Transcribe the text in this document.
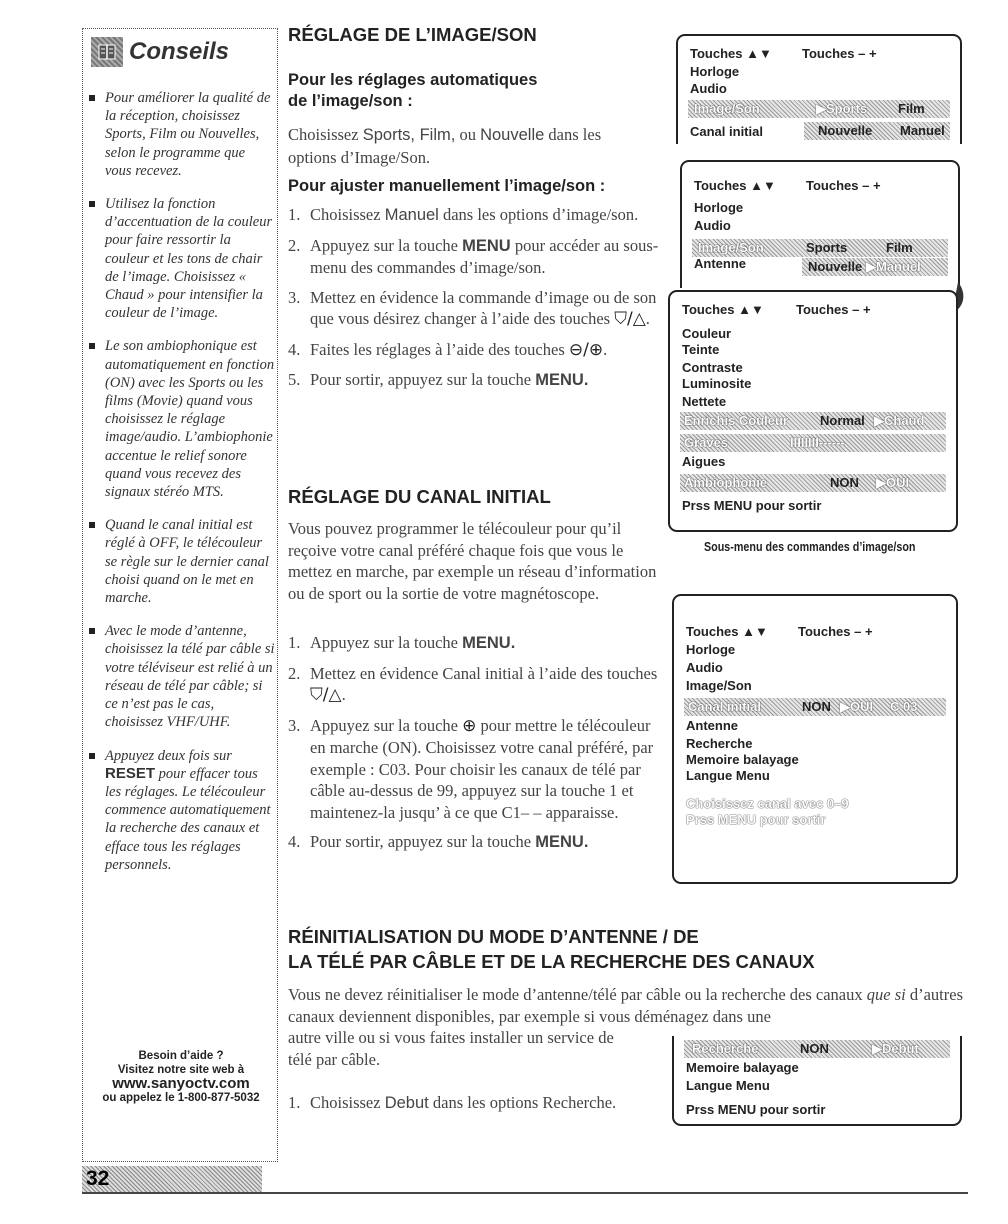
Conseils
Pour améliorer la qualité de la réception, choisissez Sports, Film ou Nouvelles, selon le programme que vous recevez.
Utilisez la fonction d’accentuation de la couleur pour faire ressortir la couleur et les tons de chair de l’image. Choisissez « Chaud » pour intensifier la couleur de l’image.
Le son ambiophonique est automatiquement en fonction (ON) avec les Sports ou les films (Movie) quand vous choisissez le réglage image/audio. L’ambiophonie accentue le relief sonore quand vous recevez des signaux stéréo MTS.
Quand le canal initial est réglé à OFF, le télécouleur se règle sur le dernier canal choisi quand on le met en marche.
Avec le mode d’antenne, choisissez la télé par câble si votre téléviseur est relié à un réseau de télé par câble; si ce n’est pas le cas, choisissez VHF/UHF.
Appuyez deux fois sur RESET pour effacer tous les réglages. Le télécouleur commence automatiquement la recherche des canaux et efface tous les réglages personnels.
Besoin d’aide ?
Visitez notre site web à
www.sanyoctv.com
ou appelez le 1-800-877-5032
32
RÉGLAGE DE L’IMAGE/SON
Pour les réglages automatiques
de l’image/son :
Choisissez Sports, Film, ou Nouvelle dans les options d’Image/Son.
Pour ajuster manuellement l’image/son :
1. Choisissez Manuel dans les options d’image/son.
2. Appuyez sur la touche MENU pour accéder au sous-menu des commandes d’image/son.
3. Mettez en évidence la commande d’image ou de son que vous désirez changer à l’aide des touches ⛉/△.
4. Faites les réglages à l’aide des touches ⊖/⊕.
5. Pour sortir, appuyez sur la touche MENU.
RÉGLAGE DU CANAL INITIAL
Vous pouvez programmer le télécouleur pour qu’il reçoive votre canal préféré chaque fois que vous le mettez en marche, par exemple un réseau d’information ou de sport ou la sortie de votre magnétoscope.
1. Appuyez sur la touche MENU.
2. Mettez en évidence Canal initial à l’aide des touches ⛉/△.
3. Appuyez sur la touche ⊕ pour mettre le télécouleur en marche (ON). Choisissez votre canal préféré, par exemple : C03. Pour choisir les canaux de télé par câble au-dessus de 99, appuyez sur la touche 1 et maintenez-la jusqu’ à ce que C1– – apparaisse.
4. Pour sortir, appuyez sur la touche MENU.
RÉINITIALISATION DU MODE D’ANTENNE / DE
LA TÉLÉ PAR CÂBLE ET DE LA RECHERCHE DES CANAUX
Vous ne devez réinitialiser le mode d’antenne/télé par câble ou la recherche des canaux que si d’autres canaux deviennent disponibles, par exemple si vous déménagez dans une
autre ville ou si vous faites installer un service de
télé par câble.
1. Choisissez Debut dans les options Recherche.
Touches ▲▼ Touches – +
Horloge
Audio
Image/Son	▶Sports Film
Canal initial	Nouvelle Manuel
Touches ▲▼ Touches – +
Horloge
Audio
Image/Son	Sports	Film
Antenne	Nouvelle ▶Manuel
Touches ▲▼ Touches – +
Couleur
Teinte
Contraste
Luminosite
Nettete
Enrichis Couleur Normal ▶Chaud
Graves	IIIIIIII------
Aigues
Ambiophonie	NON ▶OUI
Prss MENU pour sortir
Sous-menu des commandes d’image/son
Touches ▲▼ Touches – +
Horloge
Audio
Image/Son
Canal initial	NON ▶OUI C 03
Antenne
Recherche
Memoire balayage
Langue Menu
Choisissez canal avec 0–9
Prss MENU pour sortir
Recherche	NON	▶Debut
Memoire balayage
Langue Menu
Prss MENU pour sortir
